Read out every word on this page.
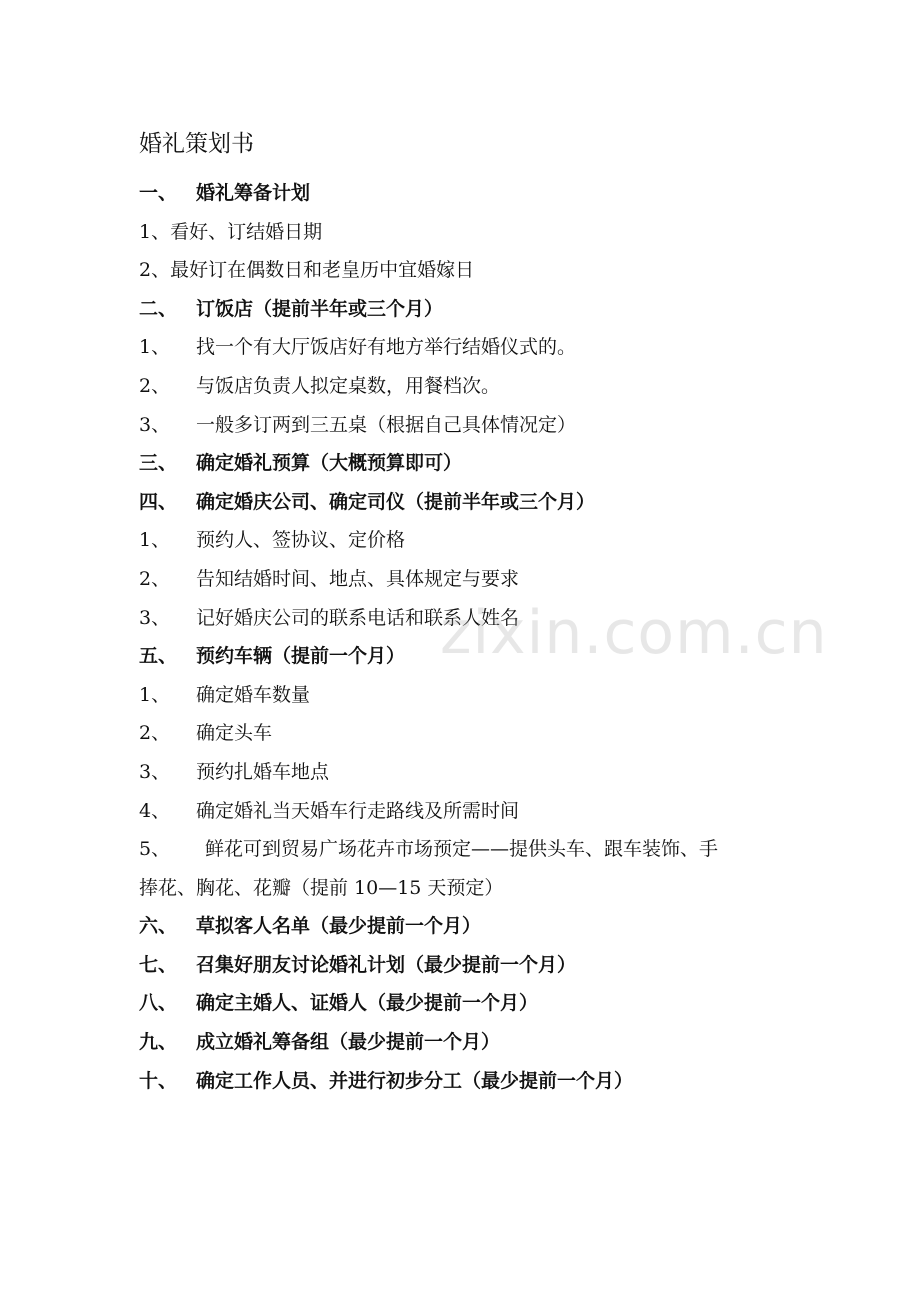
婚礼策划书
一、 婚礼筹备计划
1、 看好、订结婚日期
2、 最好订在偶数日和老皇历中宜婚嫁日
二、 订饭店（提前半年或三个月）
1、	找一个有大厅饭店好有地方举行结婚仪式的。
2、	与饭店负责人拟定桌数，用餐档次。
3、	一般多订两到三五桌（根据自己具体情况定）
三、 确定婚礼预算（大概预算即可）
四、 确定婚庆公司、确定司仪（提前半年或三个月）
1、	预约人、签协议、定价格
2、	告知结婚时间、地点、具体规定与要求
3、	记好婚庆公司的联系电话和联系人姓名
五、 预约车辆（提前一个月）
1、	确定婚车数量
2、	确定头车
3、	预约扎婚车地点
4、	确定婚礼当天婚车行走路线及所需时间
5、	鲜花可到贸易广场花卉市场预定——提供头车、跟车装饰、手
捧花、胸花、花瓣（提前 10—15 天预定）
六、 草拟客人名单（最少提前一个月）
七、 召集好朋友讨论婚礼计划（最少提前一个月）
八、 确定主婚人、证婚人（最少提前一个月）
九、 成立婚礼筹备组（最少提前一个月）
十、 确定工作人员、并进行初步分工（最少提前一个月）
zixin.com.cn
